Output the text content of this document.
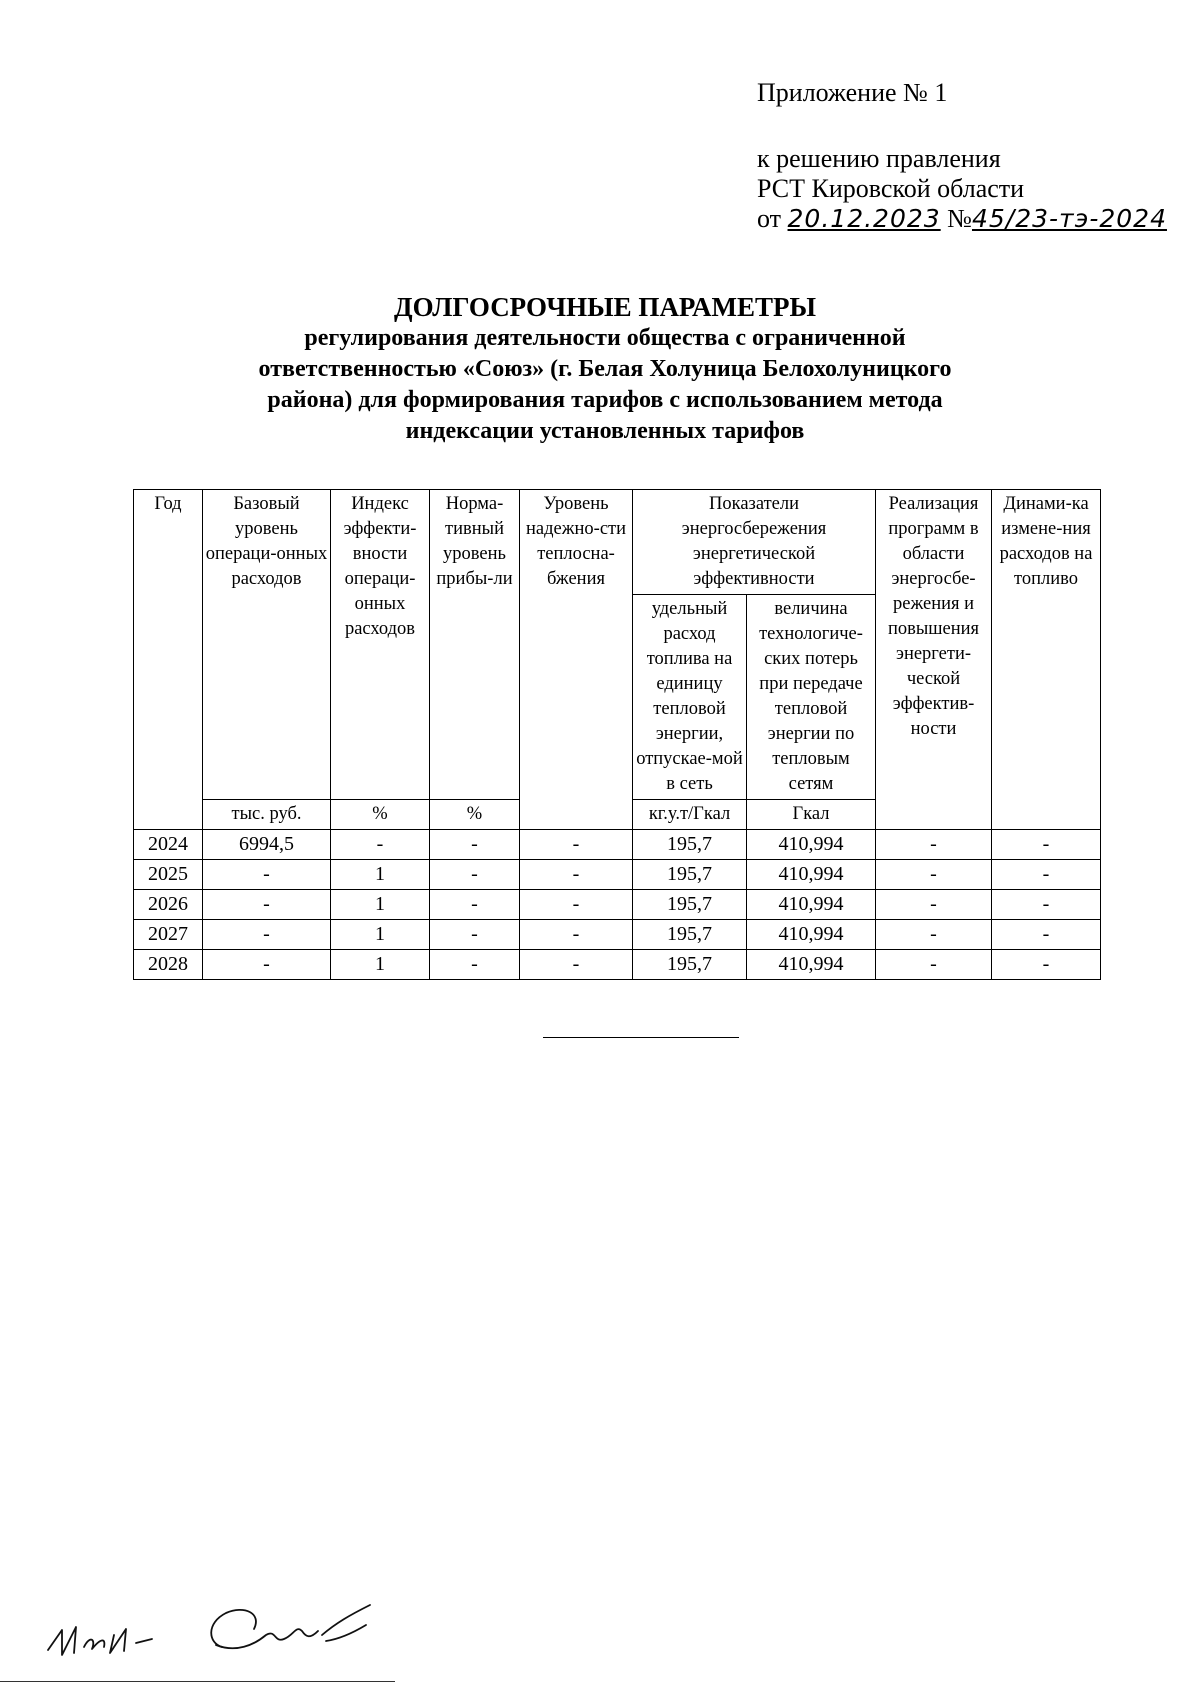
Приложение № 1
к решению правления
РСТ Кировской области
от 20.12.2023 №45/23-тэ-2024
ДОЛГОСРОЧНЫЕ ПАРАМЕТРЫ
регулирования деятельности общества с ограниченной
ответственностью «Союз» (г. Белая Холуница Белохолуницкого
района) для формирования тарифов с использованием метода
индексации установленных тарифов
Год	Базовый уровень операци-онных расходов	Индекс эффекти-вности операци-онных расходов	Норма-тивный уровень прибы-ли	Уровень надежно-сти теплосна-бжения	Показатели энергосбережения энергетической эффективности		Реализация программ в области энергосбе-режения и повышения энергети-ческой эффектив-ности	Динами-ка измене-ния расходов на топливо
					удельный расход топлива на единицу тепловой энергии, отпускае-мой в сеть	величина технологиче-ских потерь при передаче тепловой энергии по тепловым сетям		
	тыс. руб.	%	%		кг.у.т/Гкал	Гкал		
2024	6994,5	-	-	-	195,7	410,994	-	-
2025	-	1	-	-	195,7	410,994	-	-
2026	-	1	-	-	195,7	410,994	-	-
2027	-	1	-	-	195,7	410,994	-	-
2028	-	1	-	-	195,7	410,994	-	-
